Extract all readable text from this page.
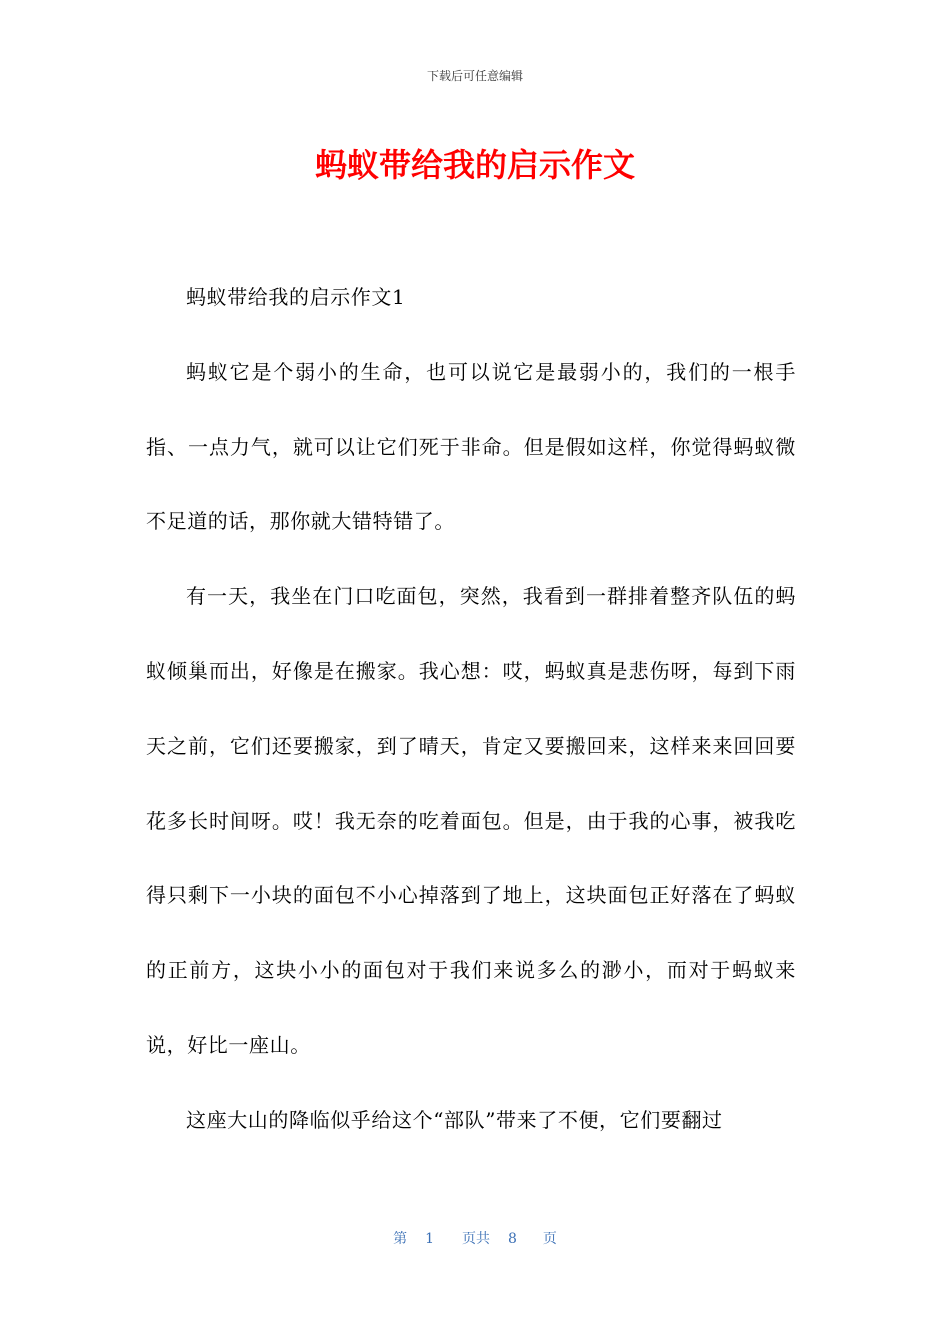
下载后可任意编辑
蚂蚁带给我的启示作文

蚂蚁带给我的启示作文1

蚂蚁它是个弱小的生命，也可以说它是最弱小的，我们的一根手指、一点力气，就可以让它们死于非命。但是假如这样，你觉得蚂蚁微不足道的话，那你就大错特错了。

有一天，我坐在门口吃面包，突然，我看到一群排着整齐队伍的蚂蚁倾巢而出，好像是在搬家。我心想：哎，蚂蚁真是悲伤呀，每到下雨天之前，它们还要搬家，到了晴天，肯定又要搬回来，这样来来回回要花多长时间呀。哎！我无奈的吃着面包。但是，由于我的心事，被我吃得只剩下一小块的面包不小心掉落到了地上，这块面包正好落在了蚂蚁的正前方，这块小小的面包对于我们来说多么的渺小，而对于蚂蚁来说，好比一座山。

这座大山的降临似乎给这个“部队”带来了不便，它们要翻过

第 1 页共 8 页
